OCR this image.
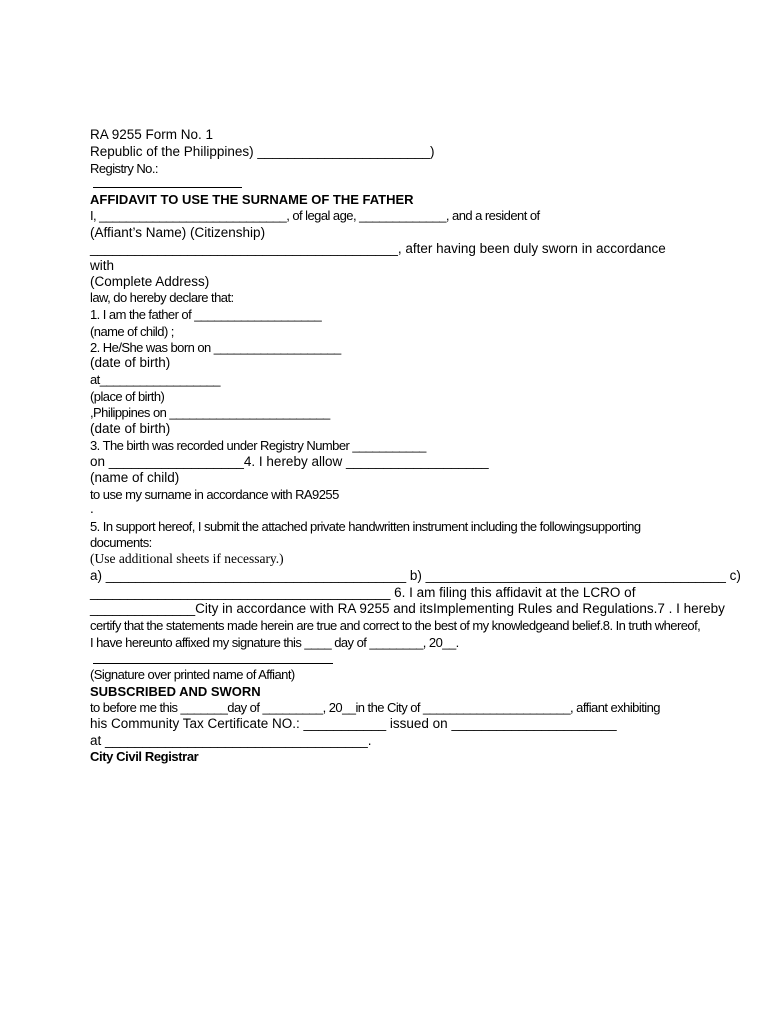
RA 9255 Form No. 1
Republic of the Philippines) _______________________)
Registry No.:
AFFIDAVIT TO USE THE SURNAME OF THE FATHER
I, ____________________________, of legal age, _____________, and a resident of
(Affiant’s Name) (Citizenship)
_________________________________________, after having been duly sworn in accordance
with
(Complete Address)
law, do hereby declare that:
1. I am the father of ___________________
(name of child) ;
2. He/She was born on ___________________
(date of birth)
at__________________
(place of birth)
,Philippines on ________________________
(date of birth)
3. The birth was recorded under Registry Number ___________
on __________________4. I hereby allow ___________________
(name of child)
to use my surname in accordance with RA9255
.
5. In support hereof, I submit the attached private handwritten instrument including the followingsupporting
documents:
(Use additional sheets if necessary.)
a) ________________________________________ b) ________________________________________ c)
________________________________________ 6. I am filing this affidavit at the LCRO of
______________City in accordance with RA 9255 and itsImplementing Rules and Regulations.7 . I hereby
certify that the statements made herein are true and correct to the best of my knowledgeand belief.8. In truth whereof,
I have hereunto affixed my signature this ____ day of ________, 20__.
(Signature over printed name of Affiant)
SUBSCRIBED AND SWORN
to before me this _______day of _________, 20__in the City of ______________________, affiant exhibiting
his Community Tax Certificate NO.: ___________ issued on ______________________
at ___________________________________.
City Civil Registrar
